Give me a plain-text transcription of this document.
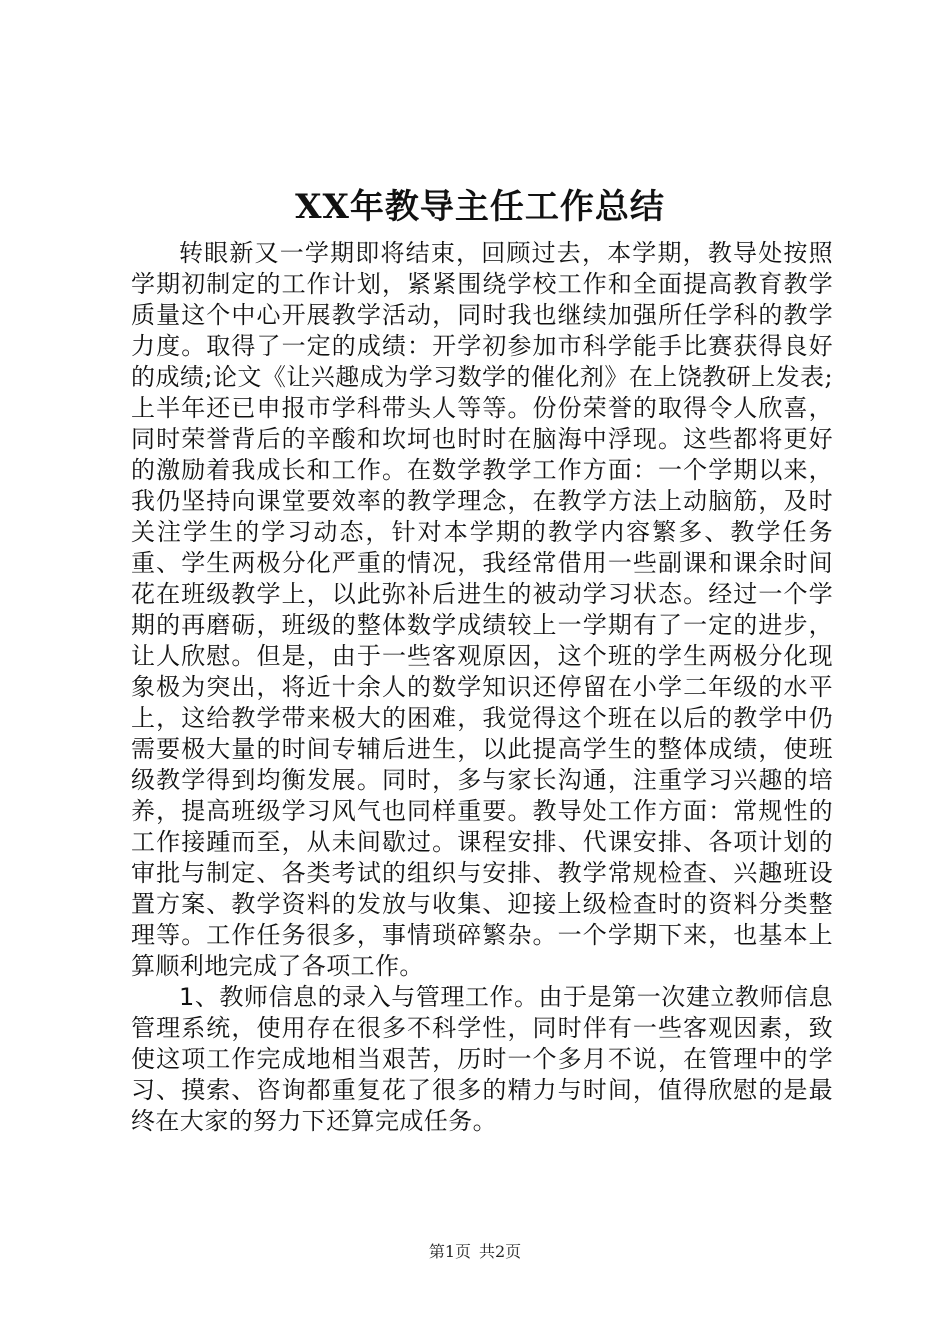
XX年教导主任工作总结

转眼新又一学期即将结束，回顾过去，本学期，教导处按照学期初制定的工作计划，紧紧围绕学校工作和全面提高教育教学质量这个中心开展教学活动，同时我也继续加强所任学科的教学力度。取得了一定的成绩：开学初参加市科学能手比赛获得良好的成绩;论文《让兴趣成为学习数学的催化剂》在上饶教研上发表;上半年还已申报市学科带头人等等。份份荣誉的取得令人欣喜，同时荣誉背后的辛酸和坎坷也时时在脑海中浮现。这些都将更好的激励着我成长和工作。在数学教学工作方面：一个学期以来，我仍坚持向课堂要效率的教学理念，在教学方法上动脑筋，及时关注学生的学习动态，针对本学期的教学内容繁多、教学任务重、学生两极分化严重的情况，我经常借用一些副课和课余时间花在班级教学上，以此弥补后进生的被动学习状态。经过一个学期的再磨砺，班级的整体数学成绩较上一学期有了一定的进步，让人欣慰。但是，由于一些客观原因，这个班的学生两极分化现象极为突出，将近十余人的数学知识还停留在小学二年级的水平上，这给教学带来极大的困难，我觉得这个班在以后的教学中仍需要极大量的时间专辅后进生，以此提高学生的整体成绩，使班级教学得到均衡发展。同时，多与家长沟通，注重学习兴趣的培养，提高班级学习风气也同样重要。教导处工作方面：常规性的工作接踵而至，从未间歇过。课程安排、代课安排、各项计划的审批与制定、各类考试的组织与安排、教学常规检查、兴趣班设置方案、教学资料的发放与收集、迎接上级检查时的资料分类整理等。工作任务很多，事情琐碎繁杂。一个学期下来，也基本上算顺利地完成了各项工作。

1、教师信息的录入与管理工作。由于是第一次建立教师信息管理系统，使用存在很多不科学性，同时伴有一些客观因素，致使这项工作完成地相当艰苦，历时一个多月不说，在管理中的学习、摸索、咨询都重复花了很多的精力与时间，值得欣慰的是最终在大家的努力下还算完成任务。

第1页 共2页
